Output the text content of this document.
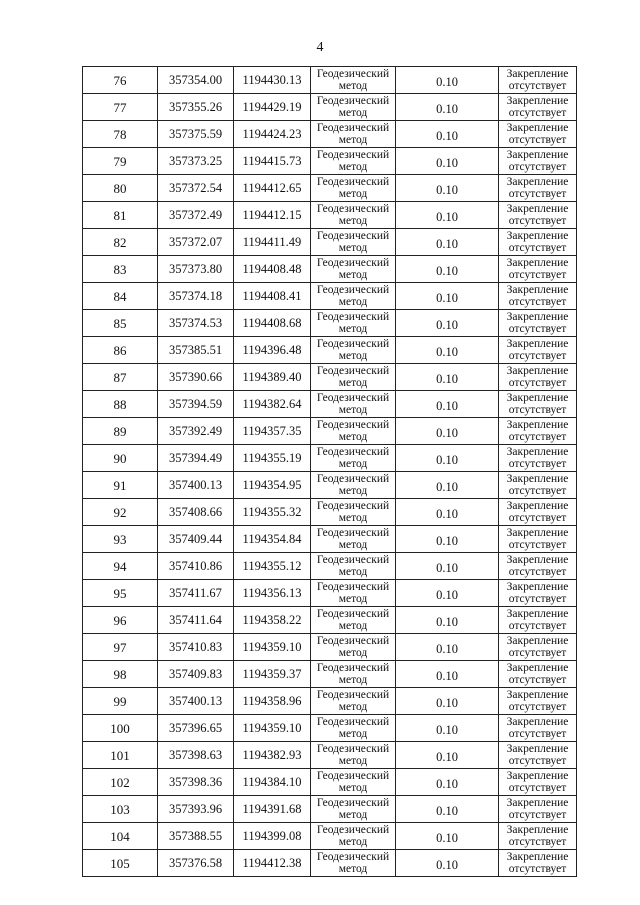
4
76	357354.00	1194430.13	Геодезический
метод	0.10	Закрепление
отсутствует

77	357355.26	1194429.19	Геодезический
метод	0.10	Закрепление
отсутствует

78	357375.59	1194424.23	Геодезический
метод	0.10	Закрепление
отсутствует

79	357373.25	1194415.73	Геодезический
метод	0.10	Закрепление
отсутствует

80	357372.54	1194412.65	Геодезический
метод	0.10	Закрепление
отсутствует

81	357372.49	1194412.15	Геодезический
метод	0.10	Закрепление
отсутствует

82	357372.07	1194411.49	Геодезический
метод	0.10	Закрепление
отсутствует

83	357373.80	1194408.48	Геодезический
метод	0.10	Закрепление
отсутствует

84	357374.18	1194408.41	Геодезический
метод	0.10	Закрепление
отсутствует

85	357374.53	1194408.68	Геодезический
метод	0.10	Закрепление
отсутствует

86	357385.51	1194396.48	Геодезический
метод	0.10	Закрепление
отсутствует

87	357390.66	1194389.40	Геодезический
метод	0.10	Закрепление
отсутствует

88	357394.59	1194382.64	Геодезический
метод	0.10	Закрепление
отсутствует

89	357392.49	1194357.35	Геодезический
метод	0.10	Закрепление
отсутствует

90	357394.49	1194355.19	Геодезический
метод	0.10	Закрепление
отсутствует

91	357400.13	1194354.95	Геодезический
метод	0.10	Закрепление
отсутствует

92	357408.66	1194355.32	Геодезический
метод	0.10	Закрепление
отсутствует

93	357409.44	1194354.84	Геодезический
метод	0.10	Закрепление
отсутствует

94	357410.86	1194355.12	Геодезический
метод	0.10	Закрепление
отсутствует

95	357411.67	1194356.13	Геодезический
метод	0.10	Закрепление
отсутствует

96	357411.64	1194358.22	Геодезический
метод	0.10	Закрепление
отсутствует

97	357410.83	1194359.10	Геодезический
метод	0.10	Закрепление
отсутствует

98	357409.83	1194359.37	Геодезический
метод	0.10	Закрепление
отсутствует

99	357400.13	1194358.96	Геодезический
метод	0.10	Закрепление
отсутствует

100	357396.65	1194359.10	Геодезический
метод	0.10	Закрепление
отсутствует

101	357398.63	1194382.93	Геодезический
метод	0.10	Закрепление
отсутствует

102	357398.36	1194384.10	Геодезический
метод	0.10	Закрепление
отсутствует

103	357393.96	1194391.68	Геодезический
метод	0.10	Закрепление
отсутствует

104	357388.55	1194399.08	Геодезический
метод	0.10	Закрепление
отсутствует

105	357376.58	1194412.38	Геодезический
метод	0.10	Закрепление
отсутствует
